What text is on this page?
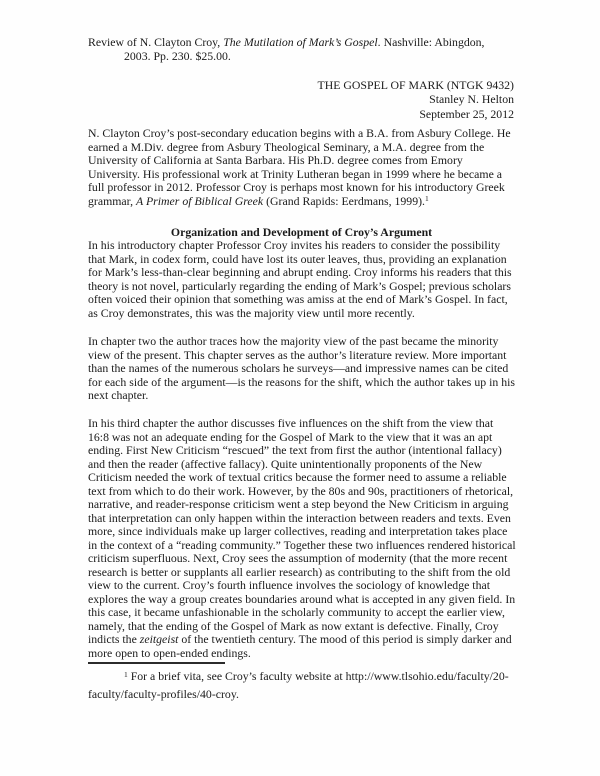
Review of N. Clayton Croy, The Mutilation of Mark’s Gospel. Nashville: Abingdon,
2003. Pp. 230. $25.00.
THE GOSPEL OF MARK (NTGK 9432)
Stanley N. Helton
September 25, 2012
N. Clayton Croy’s post-secondary education begins with a B.A. from Asbury College. He earned a M.Div. degree from Asbury Theological Seminary, a M.A. degree from the University of California at Santa Barbara. His Ph.D. degree comes from Emory University. His professional work at Trinity Lutheran began in 1999 where he became a full professor in 2012. Professor Croy is perhaps most known for his introductory Greek grammar, A Primer of Biblical Greek (Grand Rapids: Eerdmans, 1999).$^1$
Organization and Development of Croy’s Argument
In his introductory chapter Professor Croy invites his readers to consider the possibility that Mark, in codex form, could have lost its outer leaves, thus, providing an explanation for Mark’s less-than-clear beginning and abrupt ending. Croy informs his readers that this theory is not novel, particularly regarding the ending of Mark’s Gospel; previous scholars often voiced their opinion that something was amiss at the end of Mark’s Gospel. In fact, as Croy demonstrates, this was the majority view until more recently.
In chapter two the author traces how the majority view of the past became the minority view of the present. This chapter serves as the author’s literature review. More important than the names of the numerous scholars he surveys—and impressive names can be cited for each side of the argument—is the reasons for the shift, which the author takes up in his next chapter.
In his third chapter the author discusses five influences on the shift from the view that 16:8 was not an adequate ending for the Gospel of Mark to the view that it was an apt ending. First New Criticism “rescued” the text from first the author (intentional fallacy) and then the reader (affective fallacy). Quite unintentionally proponents of the New Criticism needed the work of textual critics because the former need to assume a reliable text from which to do their work. However, by the 80s and 90s, practitioners of rhetorical, narrative, and reader-response criticism went a step beyond the New Criticism in arguing that interpretation can only happen within the interaction between readers and texts. Even more, since individuals make up larger collectives, reading and interpretation takes place in the context of a “reading community.” Together these two influences rendered historical criticism superfluous. Next, Croy sees the assumption of modernity (that the more recent research is better or supplants all earlier research) as contributing to the shift from the old view to the current. Croy’s fourth influence involves the sociology of knowledge that explores the way a group creates boundaries around what is accepted in any given field. In this case, it became unfashionable in the scholarly community to accept the earlier view, namely, that the ending of the Gospel of Mark as now extant is defective. Finally, Croy indicts the zeitgeist of the twentieth century. The mood of this period is simply darker and more open to open-ended endings.
$^1$ For a brief vita, see Croy’s faculty website at http://www.tlsohio.edu/faculty/20-
faculty/faculty-profiles/40-croy.
